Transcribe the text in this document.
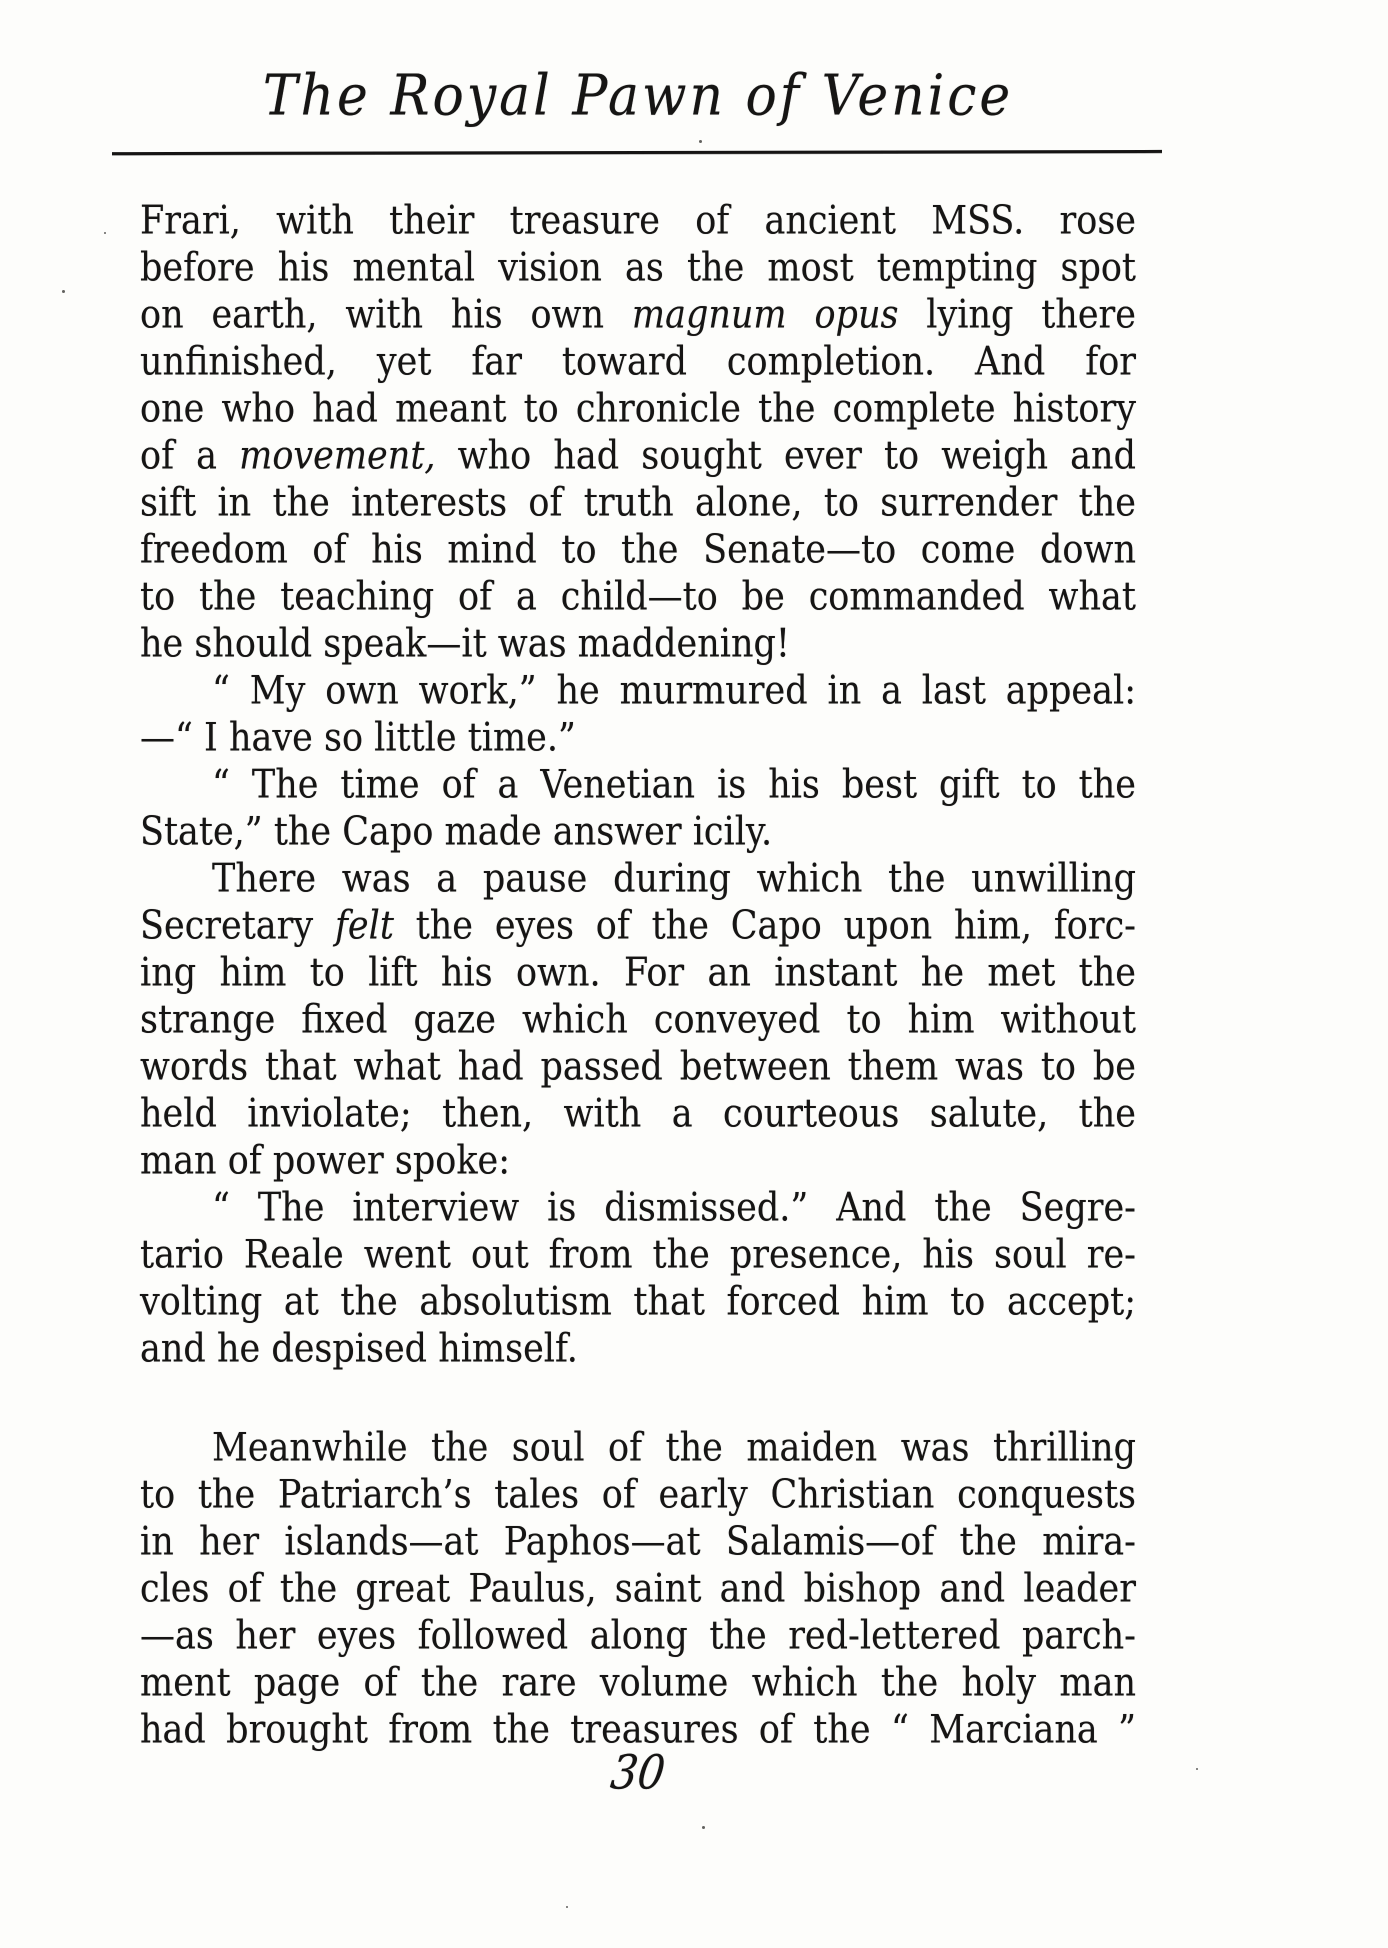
The Royal Pawn of Venice
Frari, with their treasure of ancient MSS. rose
before his mental vision as the most tempting spot
on earth, with his own magnum opus lying there
unfinished, yet far toward completion. And for
one who had meant to chronicle the complete history
of a movement, who had sought ever to weigh and
sift in the interests of truth alone, to surrender the
freedom of his mind to the Senate—to come down
to the teaching of a child—to be commanded what
he should speak—it was maddening!
“ My own work,” he murmured in a last appeal:
—“ I have so little time.”
“ The time of a Venetian is his best gift to the
State,” the Capo made answer icily.
There was a pause during which the unwilling
Secretary felt the eyes of the Capo upon him, forc-
ing him to lift his own. For an instant he met the
strange fixed gaze which conveyed to him without
words that what had passed between them was to be
held inviolate; then, with a courteous salute, the
man of power spoke:
“ The interview is dismissed.” And the Segre-
tario Reale went out from the presence, his soul re-
volting at the absolutism that forced him to accept;
and he despised himself.
Meanwhile the soul of the maiden was thrilling
to the Patriarch’s tales of early Christian conquests
in her islands—at Paphos—at Salamis—of the mira-
cles of the great Paulus, saint and bishop and leader
—as her eyes followed along the red-lettered parch-
ment page of the rare volume which the holy man
had brought from the treasures of the “ Marciana ”
30
